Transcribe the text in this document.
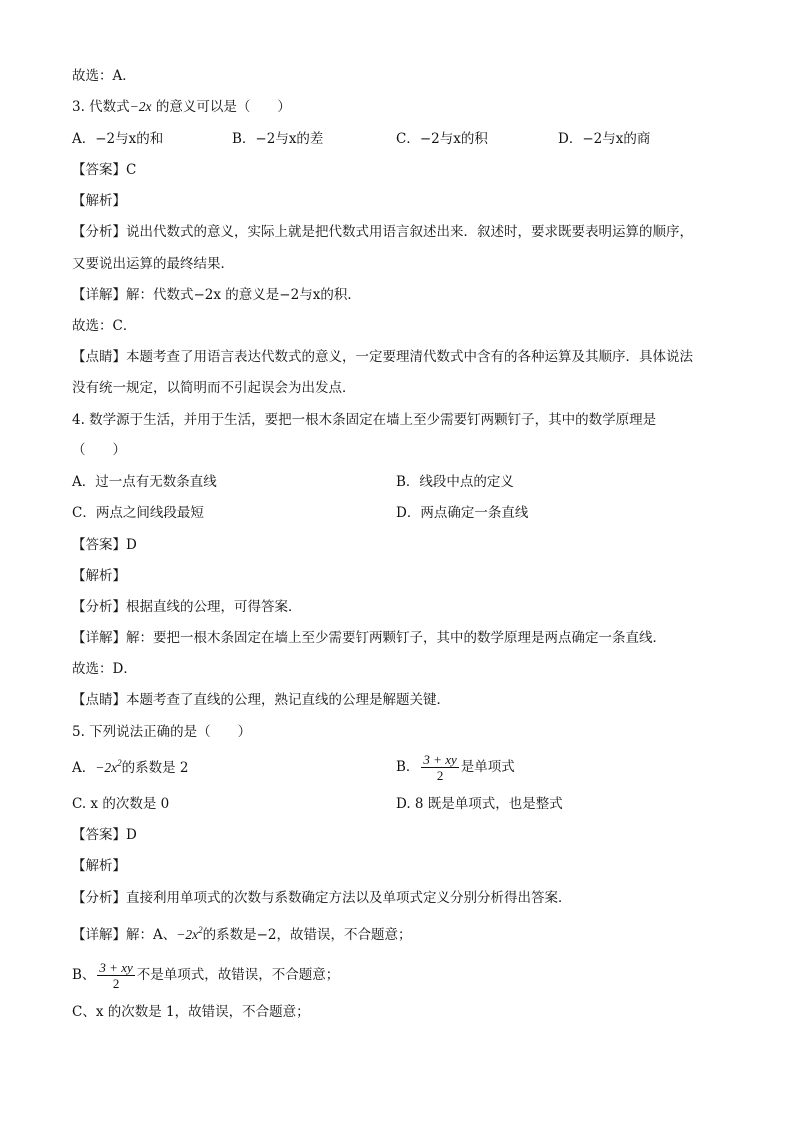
故选：A．
3. 代数式−2x 的意义可以是（　　）
A．−2与x的和	B．−2与x的差	C．−2与x的积	D．−2与x的商
【答案】C
【解析】
【分析】说出代数式的意义，实际上就是把代数式用语言叙述出来．叙述时，要求既要表明运算的顺序，
又要说出运算的最终结果．
【详解】解：代数式−2x 的意义是−2与x的积．
故选：C．
【点睛】本题考查了用语言表达代数式的意义，一定要理清代数式中含有的各种运算及其顺序．具体说法
没有统一规定，以简明而不引起误会为出发点．
4. 数学源于生活，并用于生活，要把一根木条固定在墙上至少需要钉两颗钉子，其中的数学原理是
（　　）
A．过一点有无数条直线	B．线段中点的定义
C．两点之间线段最短	D．两点确定一条直线
【答案】D
【解析】
【分析】根据直线的公理，可得答案．
【详解】解：要把一根木条固定在墙上至少需要钉两颗钉子，其中的数学原理是两点确定一条直线．
故选：D．
【点睛】本题考查了直线的公理，熟记直线的公理是解题关键．
5. 下列说法正确的是（　　）
A．$-2x^2$的系数是 2	B． $\frac{3 + xy}{2}$ 是单项式
C. x 的次数是 0	D. 8 既是单项式，也是整式
【答案】D
【解析】
【分析】直接利用单项式的次数与系数确定方法以及单项式定义分别分析得出答案．
【详解】解：A、$-2x^2$的系数是−2，故错误，不合题意；
B、 $\frac{3 + xy}{2}$ 不是单项式，故错误，不合题意；
C、x 的次数是 1，故错误，不合题意；
